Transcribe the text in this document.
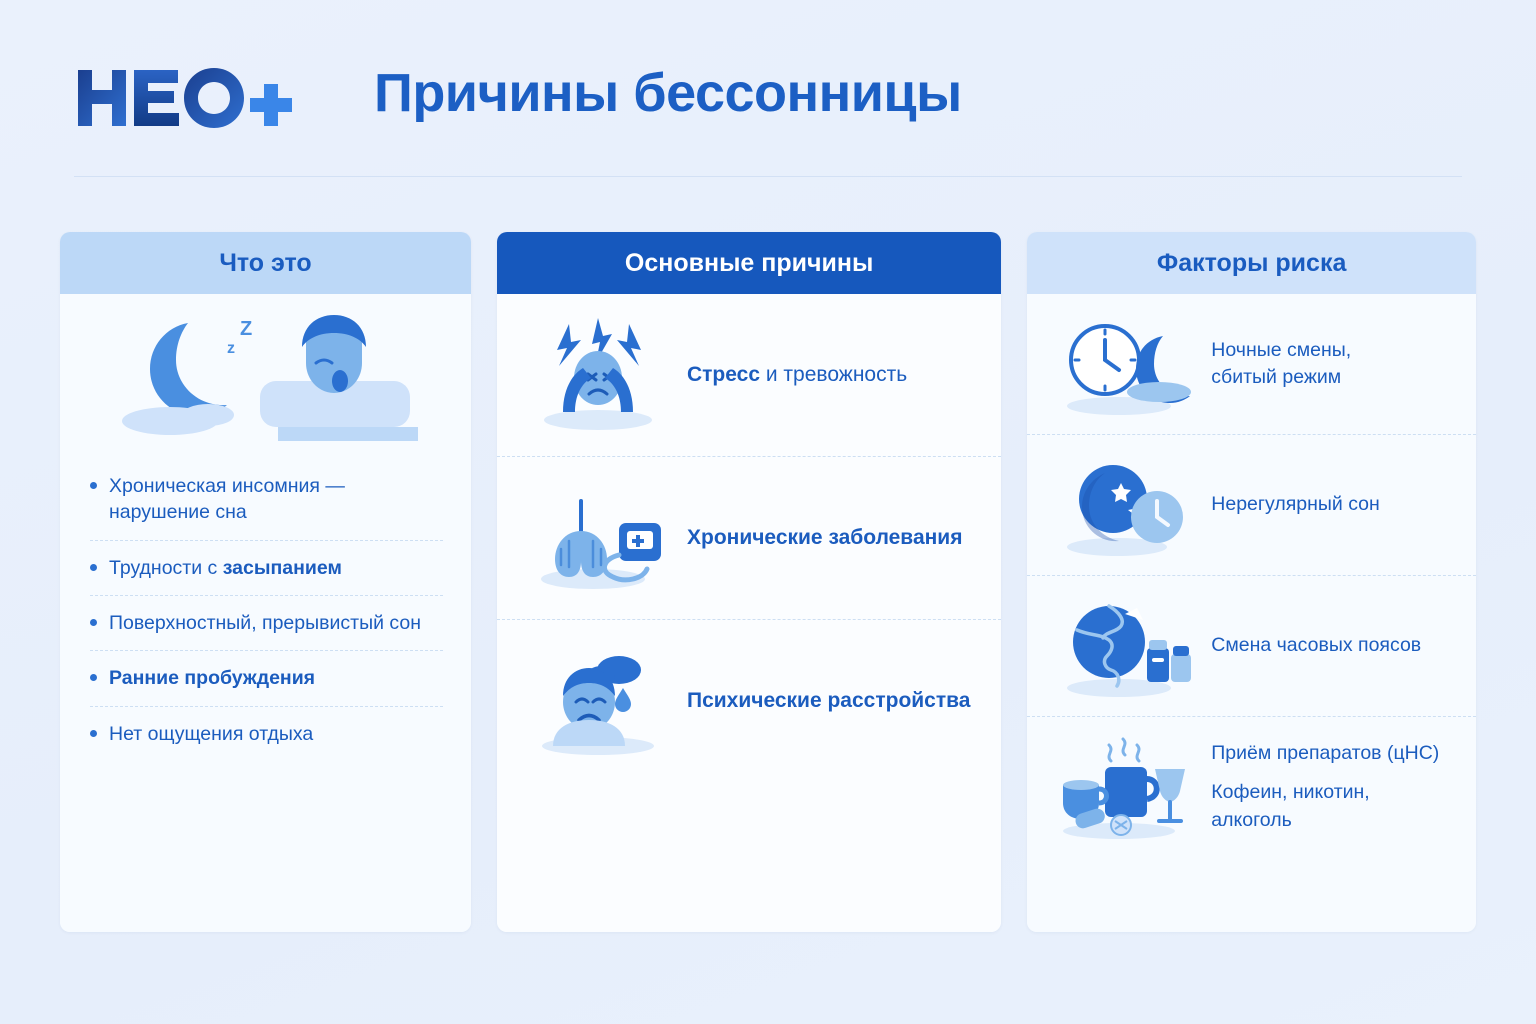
Причины бессонницы
Что это
Z
z
Хроническая инсомния — нарушение сна
Трудности с засыпанием
Поверхностный, прерывистый сон
Ранние пробуждения
Нет ощущения отдыха
Основные причины
Стресс и тревожность
Хронические заболевания
Психические расстройства
Факторы риска
Ночные смены,
сбитый режим
Нерегулярный сон
Смена часовых поясов
Приём препаратов (цНС)
Кофеин, никотин, алкоголь
